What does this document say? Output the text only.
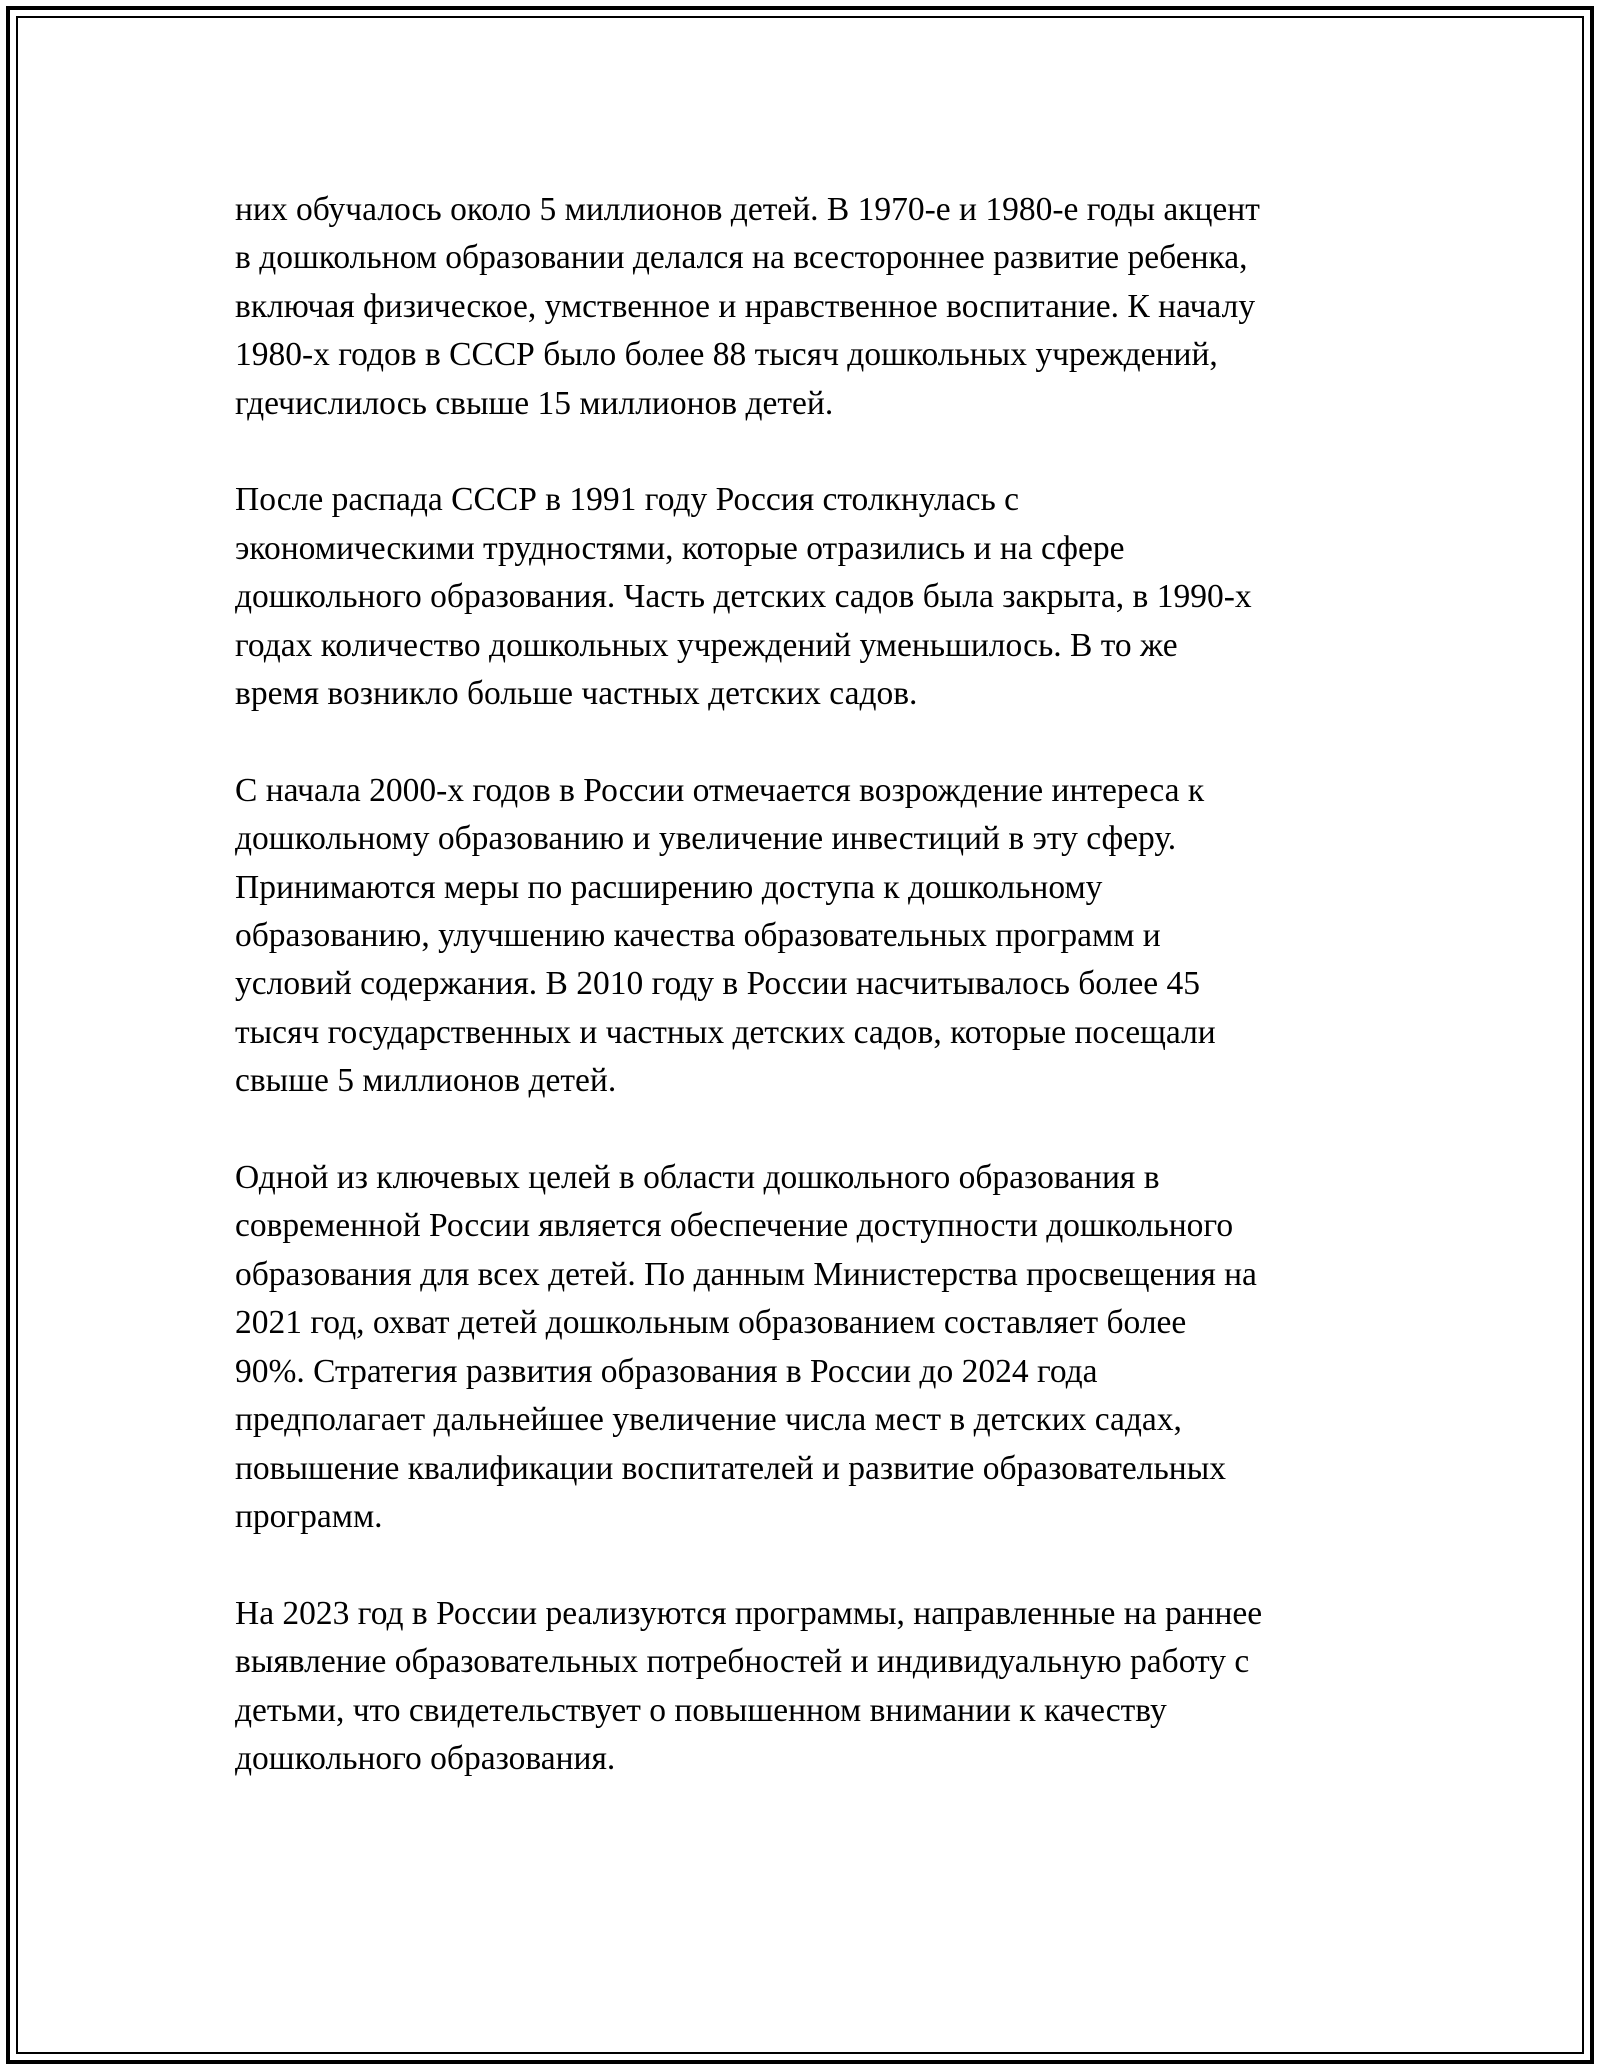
них обучалось около 5 миллионов детей. В 1970-е и 1980-е годы акцент
в дошкольном образовании делался на всестороннее развитие ребенка,
включая физическое, умственное и нравственное воспитание. К началу
1980-х годов в СССР было более 88 тысяч дошкольных учреждений,
гдечислилось свыше 15 миллионов детей.

После распада СССР в 1991 году Россия столкнулась с
экономическими трудностями, которые отразились и на сфере
дошкольного образования. Часть детских садов была закрыта, в 1990-х
годах количество дошкольных учреждений уменьшилось. В то же
время возникло больше частных детских садов.

С начала 2000-х годов в России отмечается возрождение интереса к
дошкольному образованию и увеличение инвестиций в эту сферу.
Принимаются меры по расширению доступа к дошкольному
образованию, улучшению качества образовательных программ и
условий содержания. В 2010 году в России насчитывалось более 45
тысяч государственных и частных детских садов, которые посещали
свыше 5 миллионов детей.

Одной из ключевых целей в области дошкольного образования в
современной России является обеспечение доступности дошкольного
образования для всех детей. По данным Министерства просвещения на
2021 год, охват детей дошкольным образованием составляет более
90%. Стратегия развития образования в России до 2024 года
предполагает дальнейшее увеличение числа мест в детских садах,
повышение квалификации воспитателей и развитие образовательных
программ.

На 2023 год в России реализуются программы, направленные на раннее
выявление образовательных потребностей и индивидуальную работу с
детьми, что свидетельствует о повышенном внимании к качеству
дошкольного образования.
